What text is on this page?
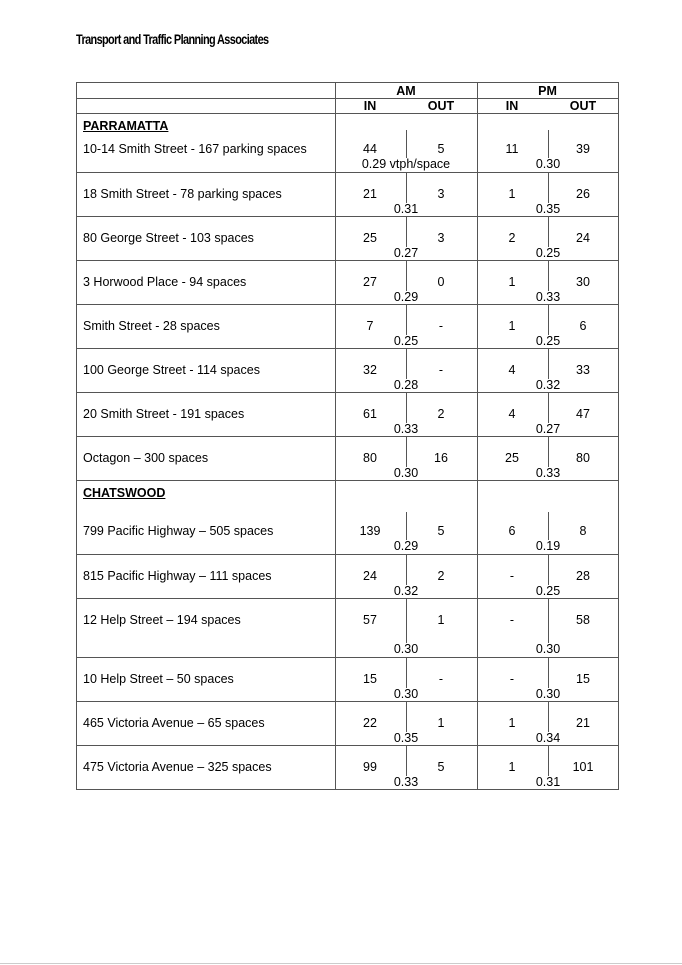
Transport and Traffic Planning Associates
AM	PM
IN	OUT	IN	OUT
PARRAMATTA
10-14 Smith Street - 167 parking spaces	44	5	11	39
0.29 vtph/space	0.30
18 Smith Street - 78 parking spaces	21	3	1	26
0.31	0.35
80 George Street - 103 spaces	25	3	2	24
0.27	0.25
3 Horwood Place - 94 spaces	27	0	1	30
0.29	0.33
Smith Street - 28 spaces	7	-	1	6
0.25	0.25
100 George Street - 114 spaces	32	-	4	33
0.28	0.32
20 Smith Street - 191 spaces	61	2	4	47
0.33	0.27
Octagon – 300 spaces	80	16	25	80
0.30	0.33
CHATSWOOD
799 Pacific Highway – 505 spaces	139	5	6	8
0.29	0.19
815 Pacific Highway – 111 spaces	24	2	-	28
0.32	0.25
12 Help Street – 194 spaces	57	1	-	58
0.30	0.30
10 Help Street – 50 spaces	15	-	-	15
0.30	0.30
465 Victoria Avenue – 65 spaces	22	1	1	21
0.35	0.34
475 Victoria Avenue – 325 spaces	99	5	1	101
0.33	0.31
